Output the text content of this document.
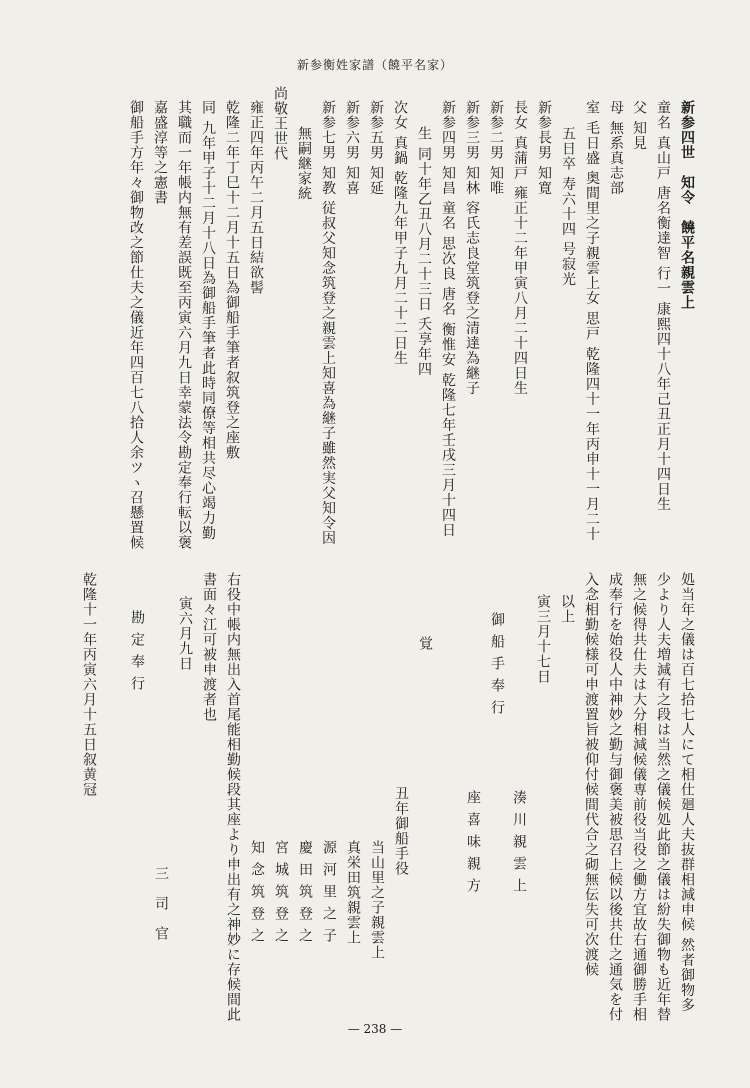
新参衡姓家譜（饒平名家）
新参四世　知令　饒平名親雲上
童名 真山戸 唐名衡達智 行一 康熙四十八年己丑正月十四日生
父 知見
母 無系真志部
室 毛日盛 奥間里之子親雲上女 思戸 乾隆四十一年丙申十一月二十
五日卒 寿六十四 号寂光
新参長男 知寛
長女 真蒲戸 雍正十二年甲寅八月二十四日生
新参二男 知唯
新参三男 知林 容氏志良堂筑登之清達為継子
新参四男 知昌 童名 思次良 唐名 衡惟安 乾隆七年壬戌三月十四日
生 同十年乙丑八月二十三日 夭享年四
次女 真鍋 乾隆九年甲子九月二十二日生
新参五男 知延
新参六男 知喜
新参七男 知教 従叔父知念筑登之親雲上知喜為継子雖然実父知令因
無嗣継家統
尚敬王世代
雍正四年丙午二月五日結欲髻
乾隆二年丁巳十二月十五日為御船手筆者叙筑登之座敷
同 九年甲子十二月十八日為御船手筆者此時同僚等相共尽心竭力勤
其職而一年帳内無有差誤既至丙寅六月九日幸蒙法令勘定奉行転以褒
嘉盛淳等之憲書
御船手方年々御物改之節仕夫之儀近年四百七八拾人余ツヽ召懸置候
処当年之儀は百七拾七人にて相仕廻人夫抜群相減申候 然者御物多
少より人夫増減有之段は当然之儀候処此節之儀は紛失御物も近年替
無之候得共仕夫は大分相減候儀専前役当役之働方宜故右通御勝手相
成奉行を始役人中神妙之勤与御褒美被思召上候以後共仕之通気を付
入念相勤候様可申渡置旨被仰付候間代合之砌無伝失可次渡候
以上
寅三月十七日
御船手奉行
湊川親雲上
座喜味親方
覚
丑年御船手役
当山里之子親雲上
真栄田筑親雲上
源河里之子
慶田筑登之
宮城筑登之
知念筑登之
右役中帳内無出入首尾能相勤候段其座より申出有之神妙に存候間此
書面々江可被申渡者也
寅六月九日
勘定奉行
三司官
乾隆十一年丙寅六月十五日叙黄冠
— 238 —
